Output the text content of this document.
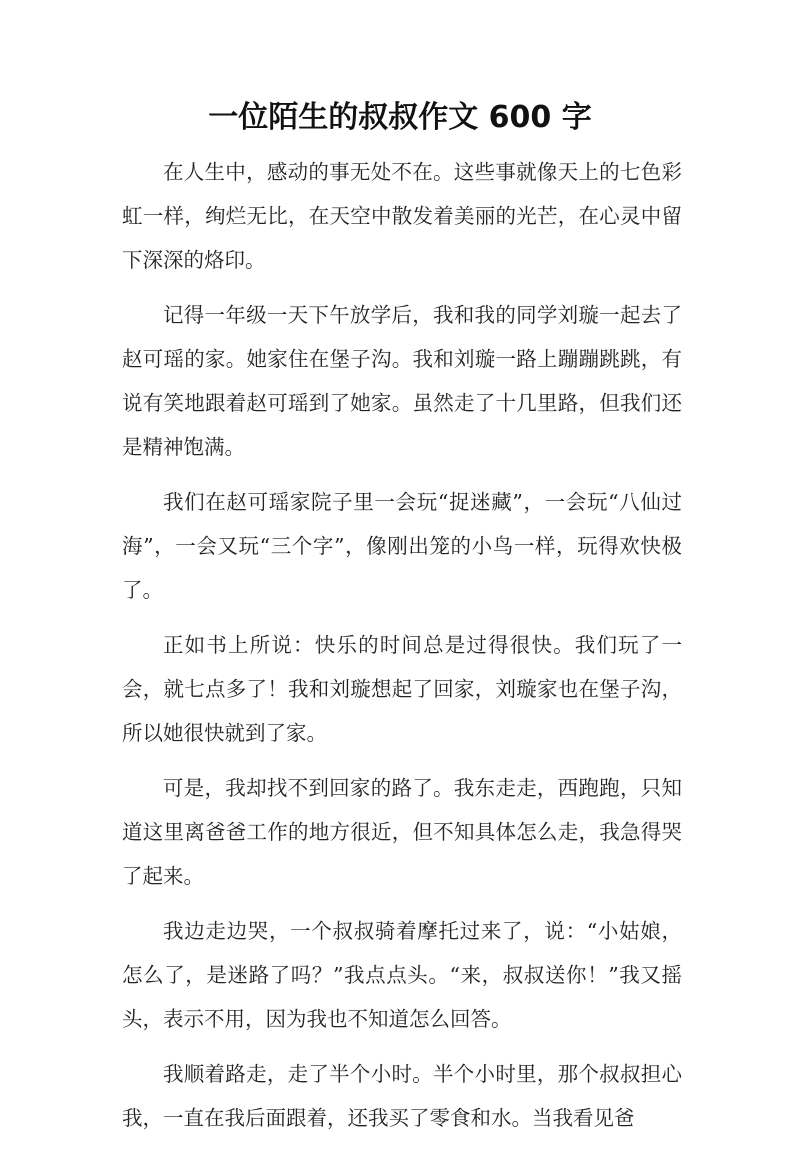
一位陌生的叔叔作文 600 字

在人生中，感动的事无处不在。这些事就像天上的七色彩虹一样，绚烂无比，在天空中散发着美丽的光芒，在心灵中留下深深的烙印。

记得一年级一天下午放学后，我和我的同学刘璇一起去了赵可瑶的家。她家住在堡子沟。我和刘璇一路上蹦蹦跳跳，有说有笑地跟着赵可瑶到了她家。虽然走了十几里路，但我们还是精神饱满。

我们在赵可瑶家院子里一会玩“捉迷藏”，一会玩“八仙过海”，一会又玩“三个字”，像刚出笼的小鸟一样，玩得欢快极了。

正如书上所说：快乐的时间总是过得很快。我们玩了一会，就七点多了！我和刘璇想起了回家，刘璇家也在堡子沟，所以她很快就到了家。

可是，我却找不到回家的路了。我东走走，西跑跑，只知道这里离爸爸工作的地方很近，但不知具体怎么走，我急得哭了起来。

我边走边哭，一个叔叔骑着摩托过来了，说：“小姑娘，怎么了，是迷路了吗？”我点点头。“来，叔叔送你！”我又摇头，表示不用，因为我也不知道怎么回答。

我顺着路走，走了半个小时。半个小时里，那个叔叔担心我，一直在我后面跟着，还我买了零食和水。当我看见爸
